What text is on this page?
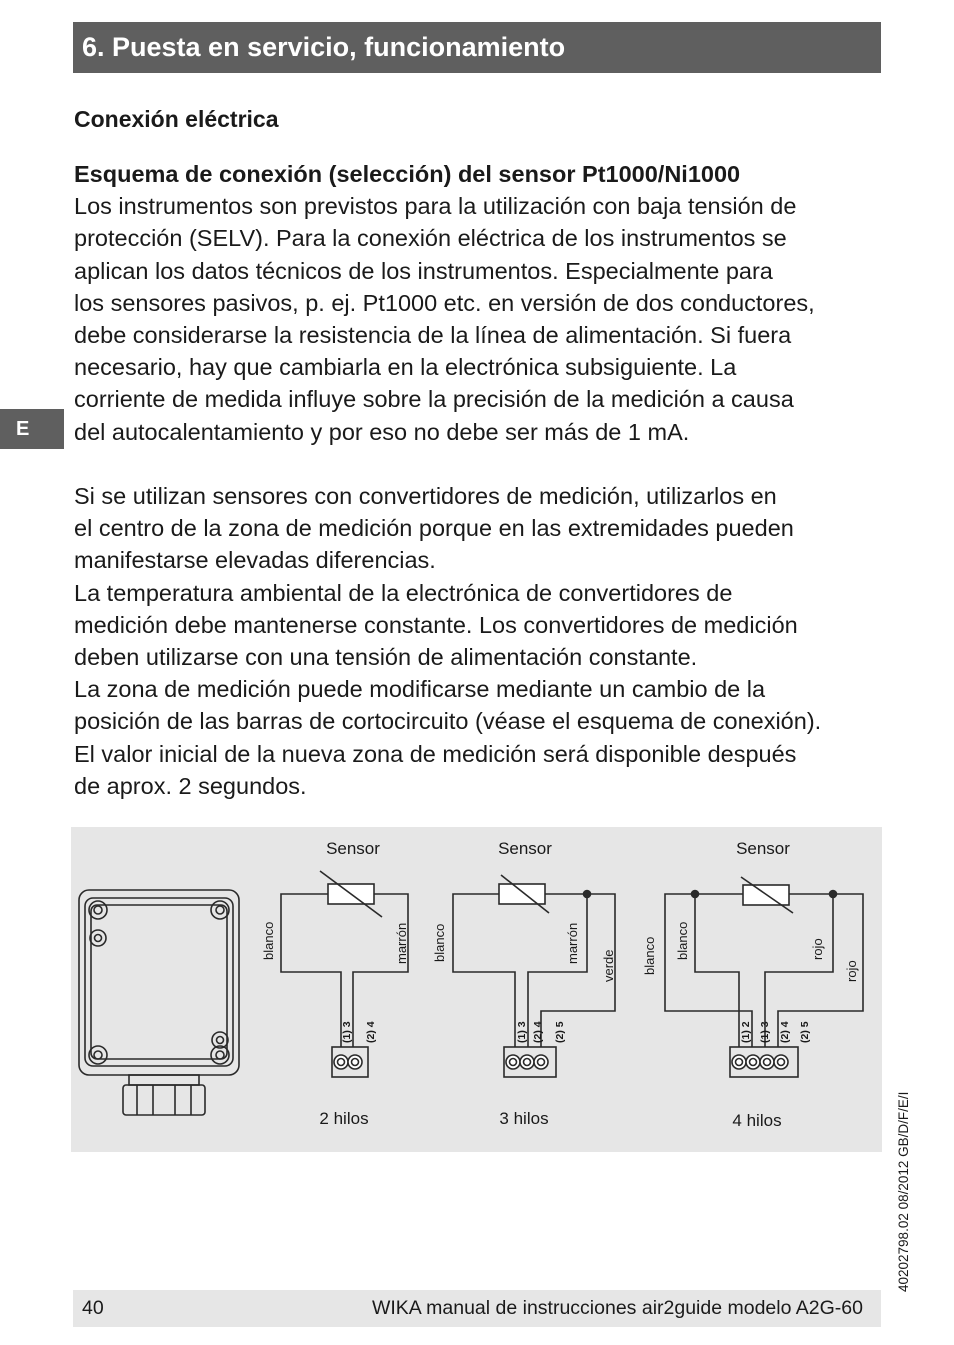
6. Puesta en servicio, funcionamiento
E
Conexión eléctrica

Esquema de conexión (selección) del sensor Pt1000/Ni1000

Los instrumentos son previstos para la utilización con baja tensión de

protección (SELV). Para la conexión eléctrica de los instrumentos se

aplican los datos técnicos de los instrumentos. Especialmente para

los sensores pasivos, p. ej. Pt1000 etc. en versión de dos conductores,

debe considerarse la resistencia de la línea de alimentación. Si fuera

necesario, hay que cambiarla en la electrónica subsiguiente. La

corriente de medida influye sobre la precisión de la medición a causa

del autocalentamiento y por eso no debe ser más de 1 mA.

Si se utilizan sensores con convertidores de medición, utilizarlos en

el centro de la zona de medición porque en las extremidades pueden

manifestarse elevadas diferencias.

La temperatura ambiental de la electrónica de convertidores de

medición debe mantenerse constante. Los convertidores de medición

deben utilizarse con una tensión de alimentación constante.

La zona de medición puede modificarse mediante un cambio de la

posición de las barras de cortocircuito (véase el esquema de conexión).

El valor inicial de la nueva zona de medición será disponible después

de aprox. 2 segundos.

Sensor	Sensor	Sensor
2 hilos	3 hilos	4 hilos
blanco	marrón blanco	marrón
verde blanco blanco	rojo
rojo
(1) 3 (2) 4	(1) 3 (2) 4 (2) 5	(1) 2 (1) 3 (2) 4 (2) 5
40202798.02 08/2012 GB/D/F/E/I
40	WIKA manual de instrucciones air2guide modelo A2G-60
